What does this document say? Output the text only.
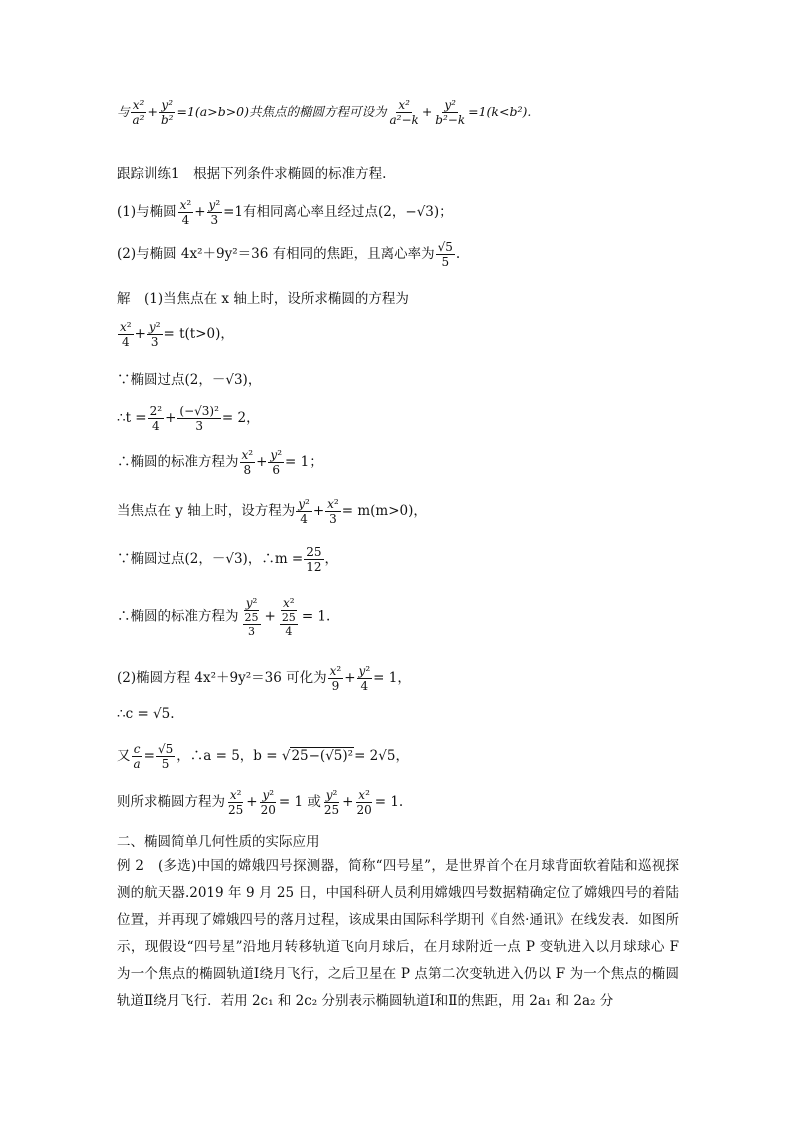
与 $\frac{\text{x²}}{\text{a²}} + \frac{\text{y²}}{\text{b²}} =1(a>b>0)$共焦点的椭圆方程可设为 $\frac{\text{x²}}{\text{a²−k}} + \frac{\text{y²}}{\text{b²−k}} =1(k<b^2)$.
跟踪训练1　根据下列条件求椭圆的标准方程.
(1)与椭圆 $\frac{\text{x²}}{4} + \frac{\text{y²}}{3} =1$有相同离心率且经过点(2，−√3)；
(2)与椭圆 4x²＋9y²＝36 有相同的焦距，且离心率为 $\frac{√5}{5}$ .
解　(1)当焦点在 x 轴上时，设所求椭圆的方程为
$\frac{\text{x²}}{4} + \frac{\text{y²}}{3} = t(t>0)$，
∵椭圆过点(2，－√3)，
∴t = $\frac{\text{2²}}{4} + \frac{\text{(−√3)²}}{3} = 2$，
∴椭圆的标准方程为 $\frac{\text{x²}}{8} + \frac{\text{y²}}{6} = 1$；
当焦点在 y 轴上时，设方程为 $\frac{\text{y²}}{4} + \frac{\text{x²}}{3} = m(m>0)$，
∵椭圆过点(2，－√3)，∴m = $\frac{25}{12}$ ，
∴椭圆的标准方程为 $\frac{\text{y²}}{\frac{25}{3}} + \frac{\text{x²}}{\frac{25}{4}} = 1$.
(2)椭圆方程 4x²＋9y²＝36 可化为 $\frac{\text{x²}}{9} + \frac{\text{y²}}{4} = 1$，
∴c = √5.
又 $\frac{c}{a} = \frac{√5}{5}$ ，∴a = 5，b = √25−(√5)²= 2√5，
则所求椭圆方程为 $\frac{\text{x²}}{25} + \frac{\text{y²}}{20} = 1$ 或 $\frac{\text{y²}}{25} + \frac{\text{x²}}{20} = 1$.
二、椭圆简单几何性质的实际应用
例 2　(多选)中国的嫦娥四号探测器，简称“四号星”，是世界首个在月球背面软着陆和巡视探测的航天器.2019 年 9 月 25 日，中国科研人员利用嫦娥四号数据精确定位了嫦娥四号的着陆位置，并再现了嫦娥四号的落月过程，该成果由国际科学期刊《自然·通讯》在线发表．如图所示，现假设“四号星”沿地月转移轨道飞向月球后，在月球附近一点 P 变轨进入以月球球心 F 为一个焦点的椭圆轨道Ⅰ绕月飞行，之后卫星在 P 点第二次变轨进入仍以 F 为一个焦点的椭圆轨道Ⅱ绕月飞行．若用 2c₁ 和 2c₂ 分别表示椭圆轨道Ⅰ和Ⅱ的焦距，用 2a₁ 和 2a₂ 分
